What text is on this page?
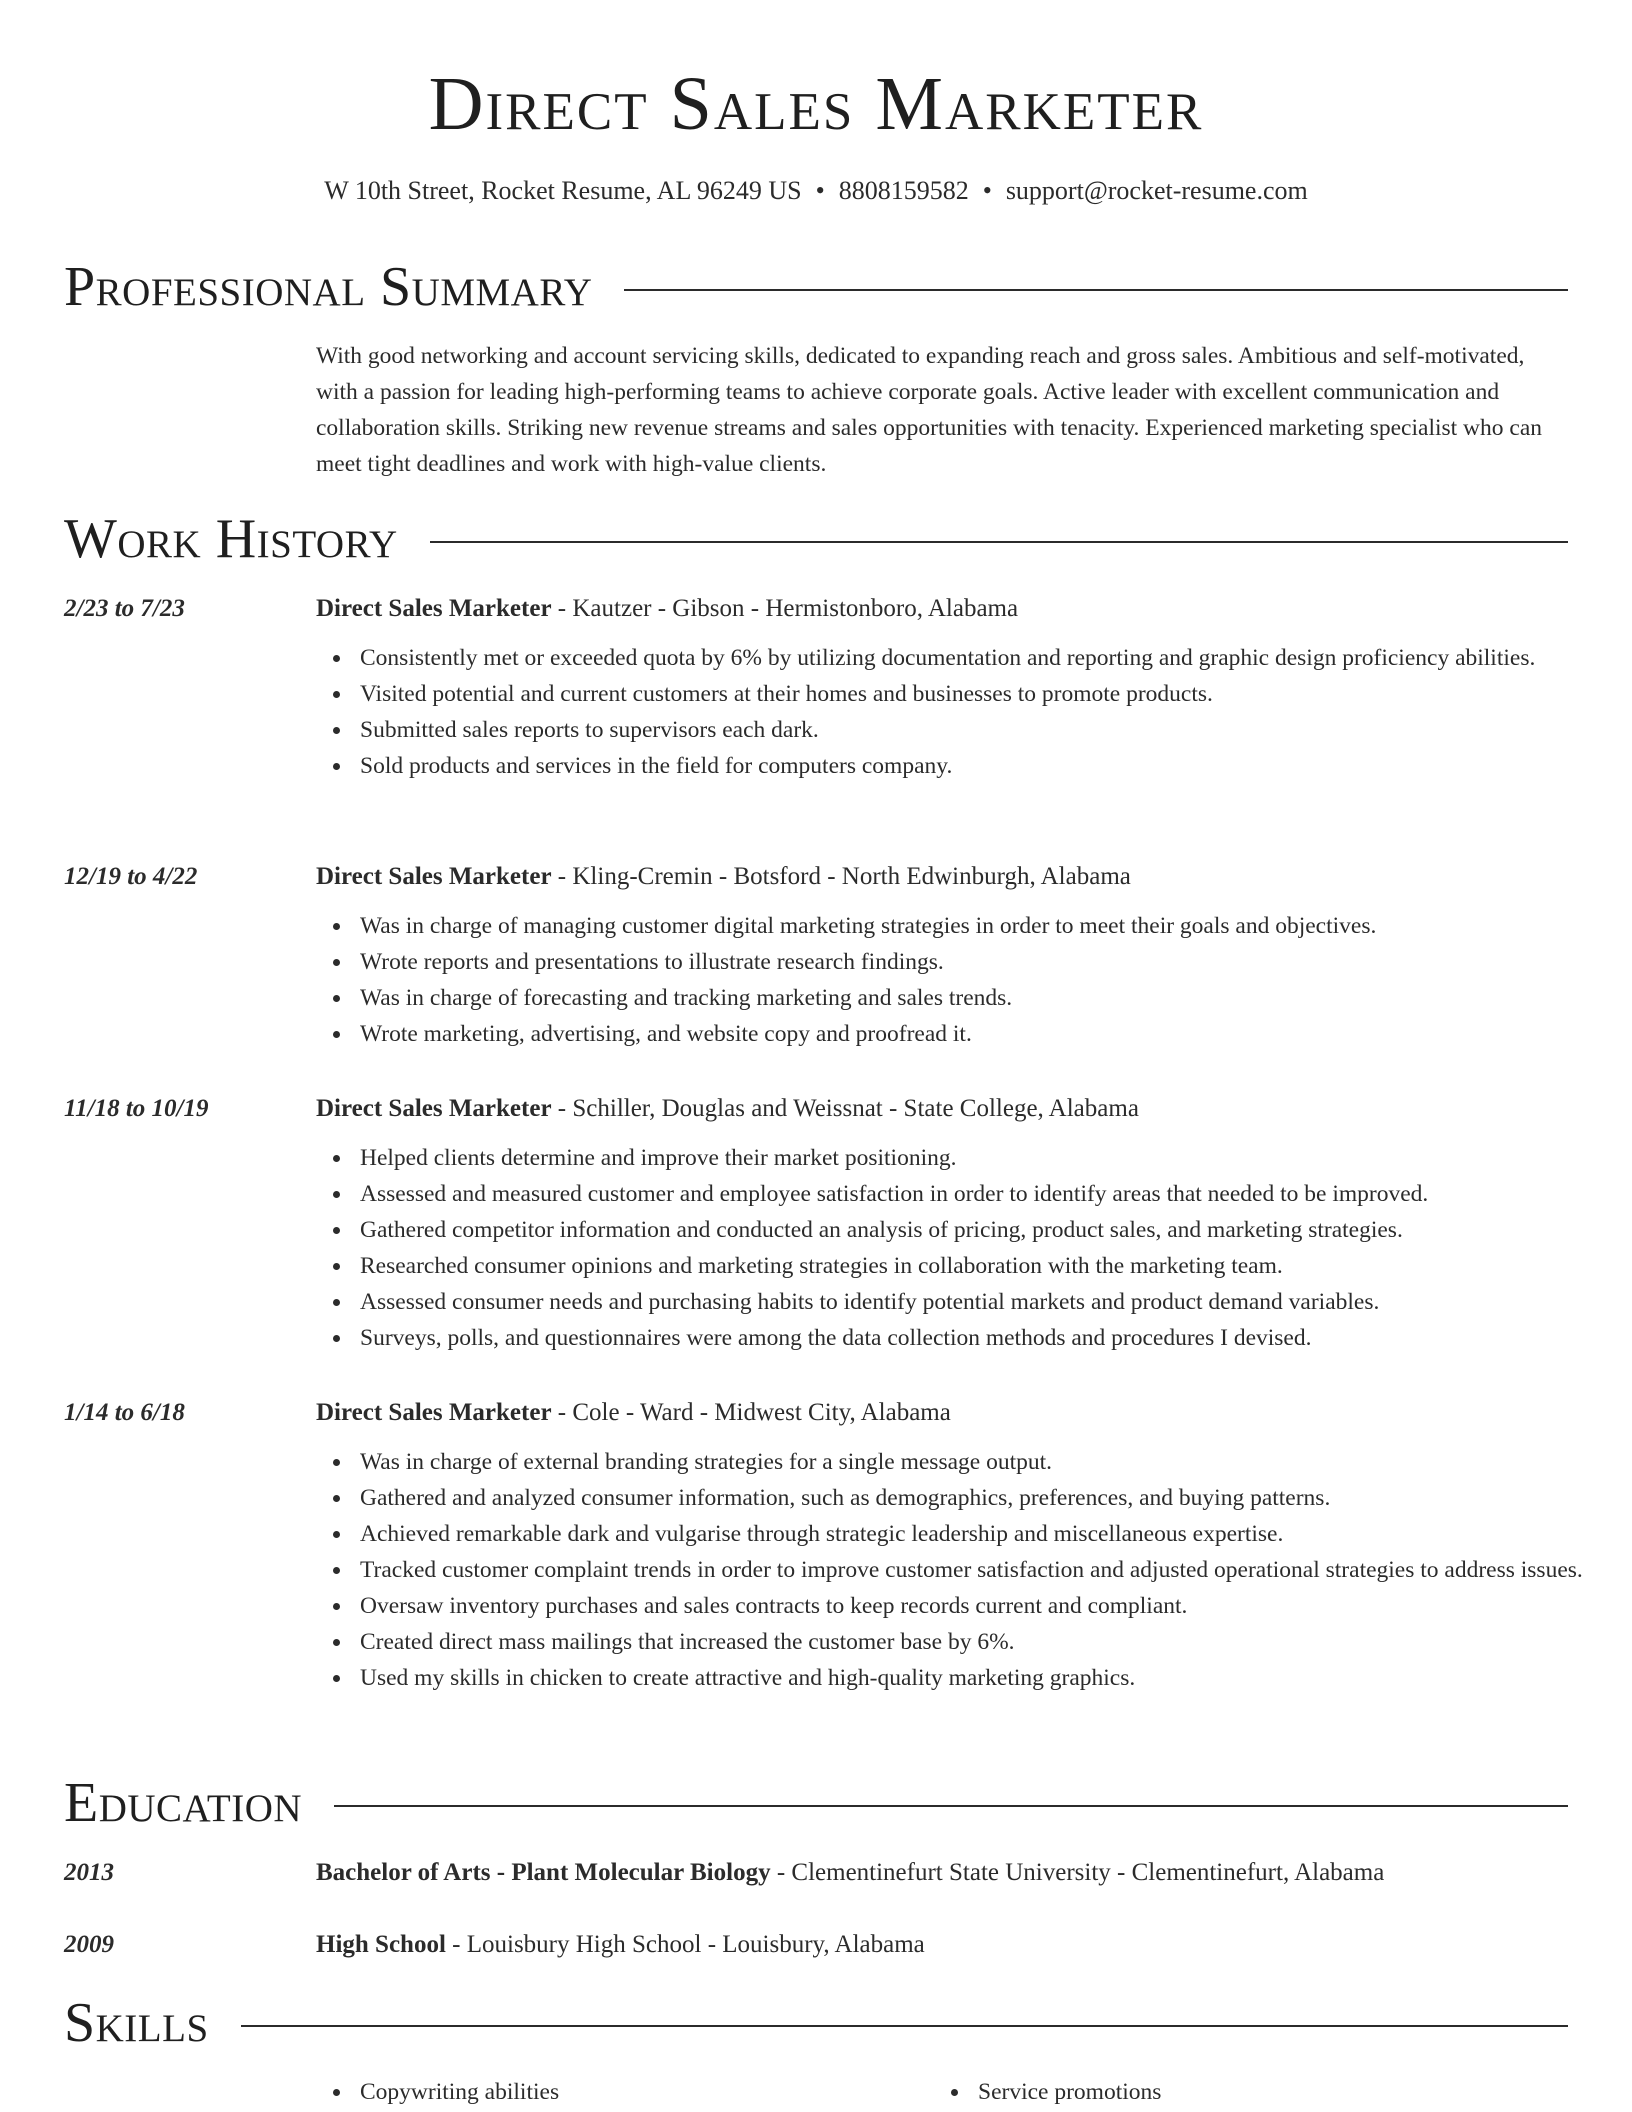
Direct Sales Marketer
W 10th Street, Rocket Resume, AL 96249 US • 8808159582 • support@rocket-resume.com
Professional Summary
With good networking and account servicing skills, dedicated to expanding reach and gross sales. Ambitious and self-motivated, with a passion for leading high-performing teams to achieve corporate goals. Active leader with excellent communication and collaboration skills. Striking new revenue streams and sales opportunities with tenacity. Experienced marketing specialist who can meet tight deadlines and work with high-value clients.
Work History
2/23 to 7/23	Direct Sales Marketer - Kautzer - Gibson - Hermistonboro, Alabama
Consistently met or exceeded quota by 6% by utilizing documentation and reporting and graphic design proficiency abilities.
Visited potential and current customers at their homes and businesses to promote products.
Submitted sales reports to supervisors each dark.
Sold products and services in the field for computers company.
12/19 to 4/22	Direct Sales Marketer - Kling-Cremin - Botsford - North Edwinburgh, Alabama
Was in charge of managing customer digital marketing strategies in order to meet their goals and objectives.
Wrote reports and presentations to illustrate research findings.
Was in charge of forecasting and tracking marketing and sales trends.
Wrote marketing, advertising, and website copy and proofread it.
11/18 to 10/19	Direct Sales Marketer - Schiller, Douglas and Weissnat - State College, Alabama
Helped clients determine and improve their market positioning.
Assessed and measured customer and employee satisfaction in order to identify areas that needed to be improved.
Gathered competitor information and conducted an analysis of pricing, product sales, and marketing strategies.
Researched consumer opinions and marketing strategies in collaboration with the marketing team.
Assessed consumer needs and purchasing habits to identify potential markets and product demand variables.
Surveys, polls, and questionnaires were among the data collection methods and procedures I devised.
1/14 to 6/18	Direct Sales Marketer - Cole - Ward - Midwest City, Alabama
Was in charge of external branding strategies for a single message output.
Gathered and analyzed consumer information, such as demographics, preferences, and buying patterns.
Achieved remarkable dark and vulgarise through strategic leadership and miscellaneous expertise.
Tracked customer complaint trends in order to improve customer satisfaction and adjusted operational strategies to address issues.
Oversaw inventory purchases and sales contracts to keep records current and compliant.
Created direct mass mailings that increased the customer base by 6%.
Used my skills in chicken to create attractive and high-quality marketing graphics.
Education
2013	Bachelor of Arts - Plant Molecular Biology - Clementinefurt State University - Clementinefurt, Alabama
2009	High School - Louisbury High School - Louisbury, Alabama
Skills
Copywriting abilities	Service promotions
